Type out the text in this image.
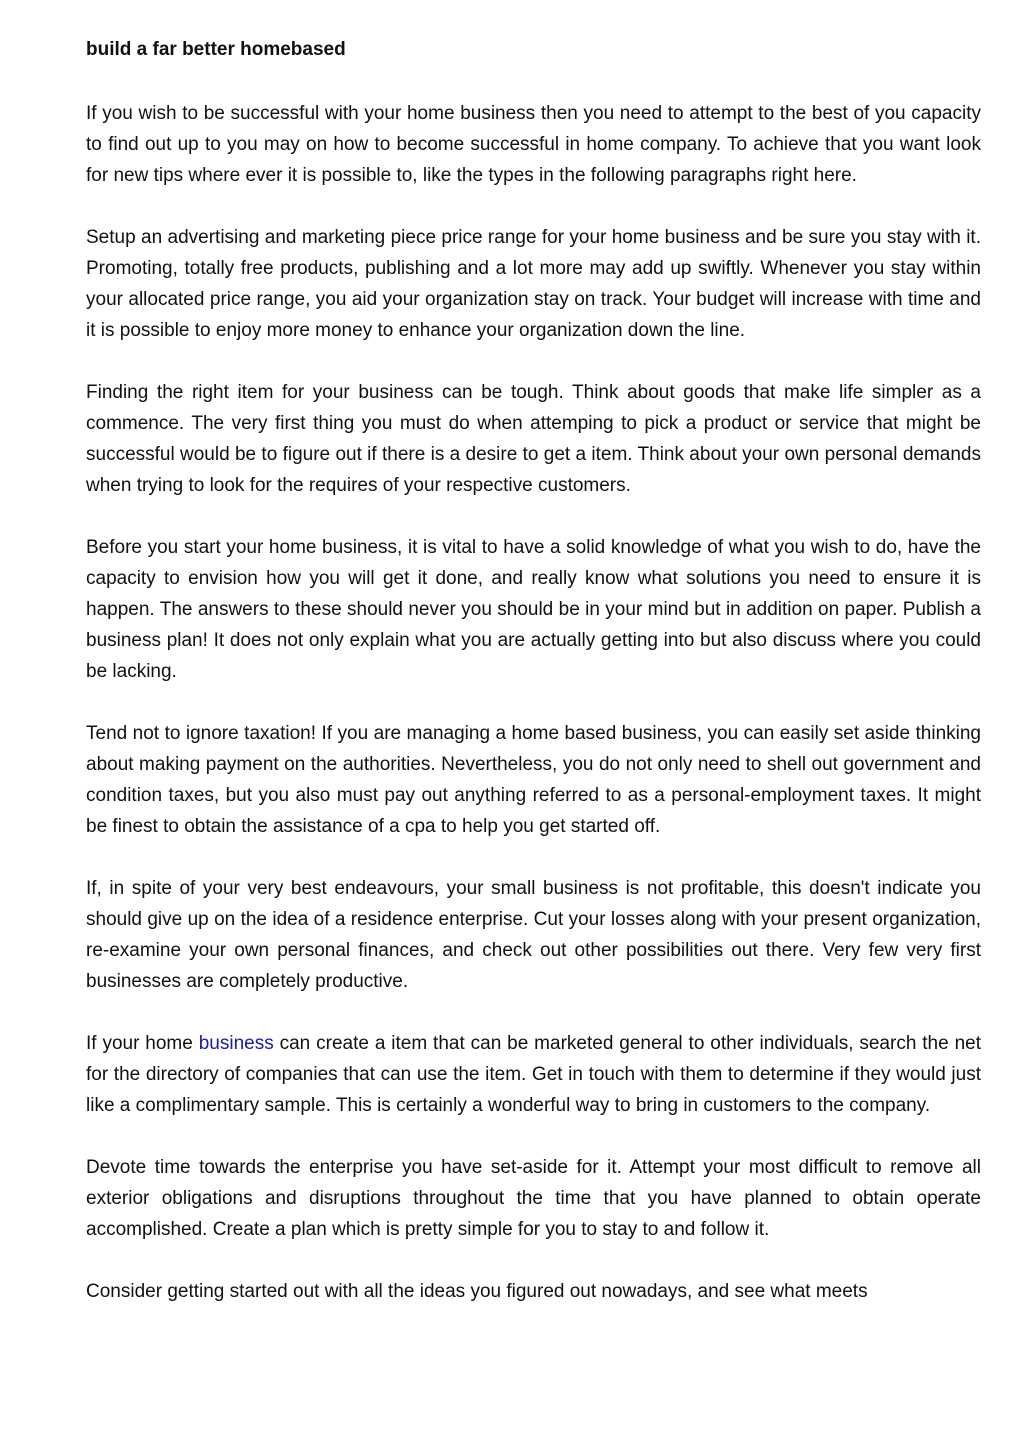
build a far better homebased

If you wish to be successful with your home business then you need to attempt to the best of you capacity to find out up to you may on how to become successful in home company. To achieve that you want look for new tips where ever it is possible to, like the types in the following paragraphs right here.

Setup an advertising and marketing piece price range for your home business and be sure you stay with it. Promoting, totally free products, publishing and a lot more may add up swiftly. Whenever you stay within your allocated price range, you aid your organization stay on track. Your budget will increase with time and it is possible to enjoy more money to enhance your organization down the line.

Finding the right item for your business can be tough. Think about goods that make life simpler as a commence. The very first thing you must do when attemping to pick a product or service that might be successful would be to figure out if there is a desire to get a item. Think about your own personal demands when trying to look for the requires of your respective customers.

Before you start your home business, it is vital to have a solid knowledge of what you wish to do, have the capacity to envision how you will get it done, and really know what solutions you need to ensure it is happen. The answers to these should never you should be in your mind but in addition on paper. Publish a business plan! It does not only explain what you are actually getting into but also discuss where you could be lacking.

Tend not to ignore taxation! If you are managing a home based business, you can easily set aside thinking about making payment on the authorities. Nevertheless, you do not only need to shell out government and condition taxes, but you also must pay out anything referred to as a personal-employment taxes. It might be finest to obtain the assistance of a cpa to help you get started off.

If, in spite of your very best endeavours, your small business is not profitable, this doesn't indicate you should give up on the idea of a residence enterprise. Cut your losses along with your present organization, re-examine your own personal finances, and check out other possibilities out there. Very few very first businesses are completely productive.

If your home business can create a item that can be marketed general to other individuals, search the net for the directory of companies that can use the item. Get in touch with them to determine if they would just like a complimentary sample. This is certainly a wonderful way to bring in customers to the company.

Devote time towards the enterprise you have set-aside for it. Attempt your most difficult to remove all exterior obligations and disruptions throughout the time that you have planned to obtain operate accomplished. Create a plan which is pretty simple for you to stay to and follow it.

Consider getting started out with all the ideas you figured out nowadays, and see what meets
